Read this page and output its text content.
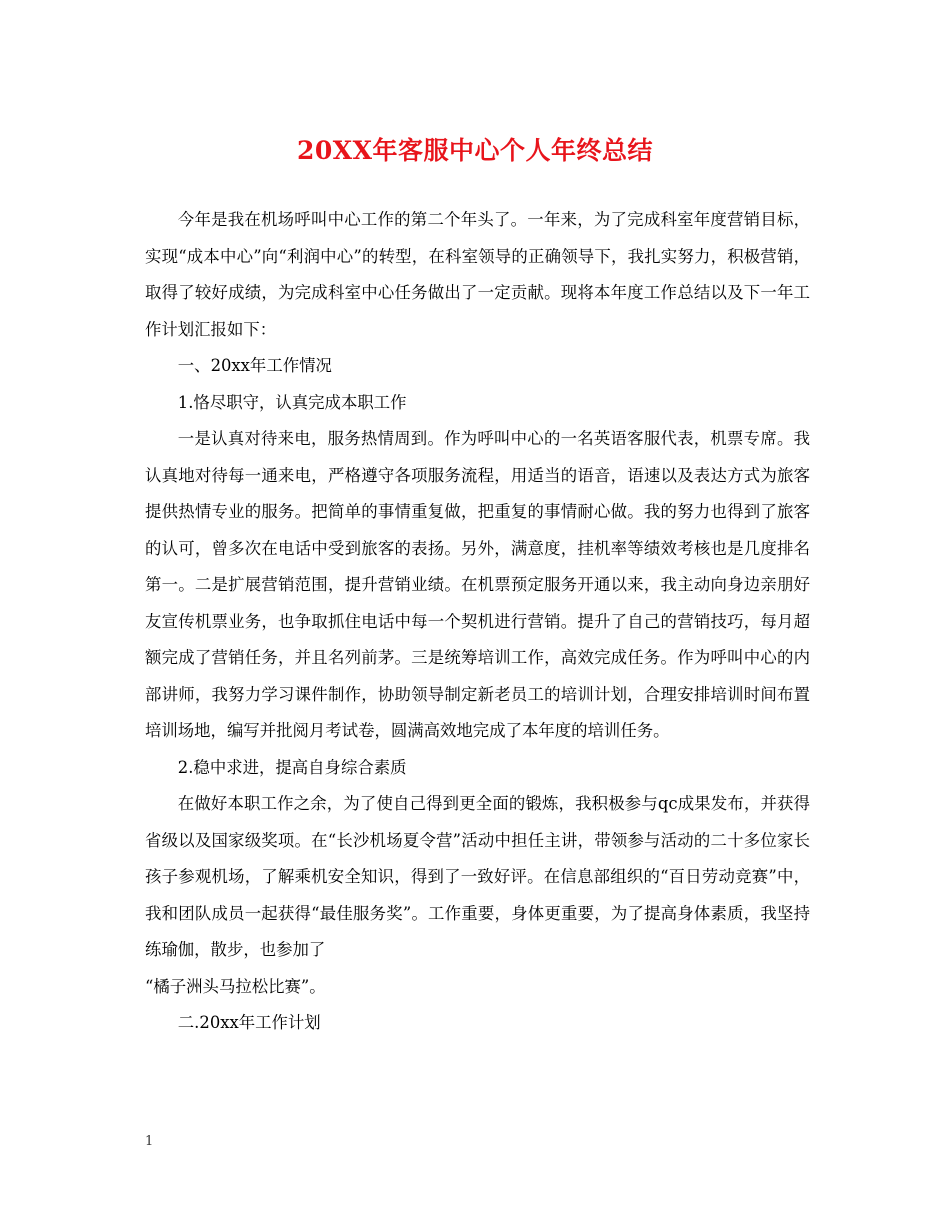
20XX年客服中心个人年终总结

今年是我在机场呼叫中心工作的第二个年头了。一年来，为了完成科室年度营销目标，实现“成本中心”向“利润中心”的转型，在科室领导的正确领导下，我扎实努力，积极营销，取得了较好成绩，为完成科室中心任务做出了一定贡献。现将本年度工作总结以及下一年工作计划汇报如下：

一、20xx年工作情况

1.恪尽职守，认真完成本职工作

一是认真对待来电，服务热情周到。作为呼叫中心的一名英语客服代表，机票专席。我认真地对待每一通来电，严格遵守各项服务流程，用适当的语音，语速以及表达方式为旅客提供热情专业的服务。把简单的事情重复做，把重复的事情耐心做。我的努力也得到了旅客的认可，曾多次在电话中受到旅客的表扬。另外，满意度，挂机率等绩效考核也是几度排名第一。二是扩展营销范围，提升营销业绩。在机票预定服务开通以来，我主动向身边亲朋好友宣传机票业务，也争取抓住电话中每一个契机进行营销。提升了自己的营销技巧，每月超额完成了营销任务，并且名列前茅。三是统筹培训工作，高效完成任务。作为呼叫中心的内部讲师，我努力学习课件制作，协助领导制定新老员工的培训计划，合理安排培训时间布置培训场地，编写并批阅月考试卷，圆满高效地完成了本年度的培训任务。

2.稳中求进，提高自身综合素质

在做好本职工作之余，为了使自己得到更全面的锻炼，我积极参与qc成果发布，并获得省级以及国家级奖项。在“长沙机场夏令营”活动中担任主讲，带领参与活动的二十多位家长孩子参观机场，了解乘机安全知识，得到了一致好评。在信息部组织的“百日劳动竞赛”中，我和团队成员一起获得“最佳服务奖”。工作重要，身体更重要，为了提高身体素质，我坚持练瑜伽，散步，也参加了

“橘子洲头马拉松比赛”。

二.20xx年工作计划

1
